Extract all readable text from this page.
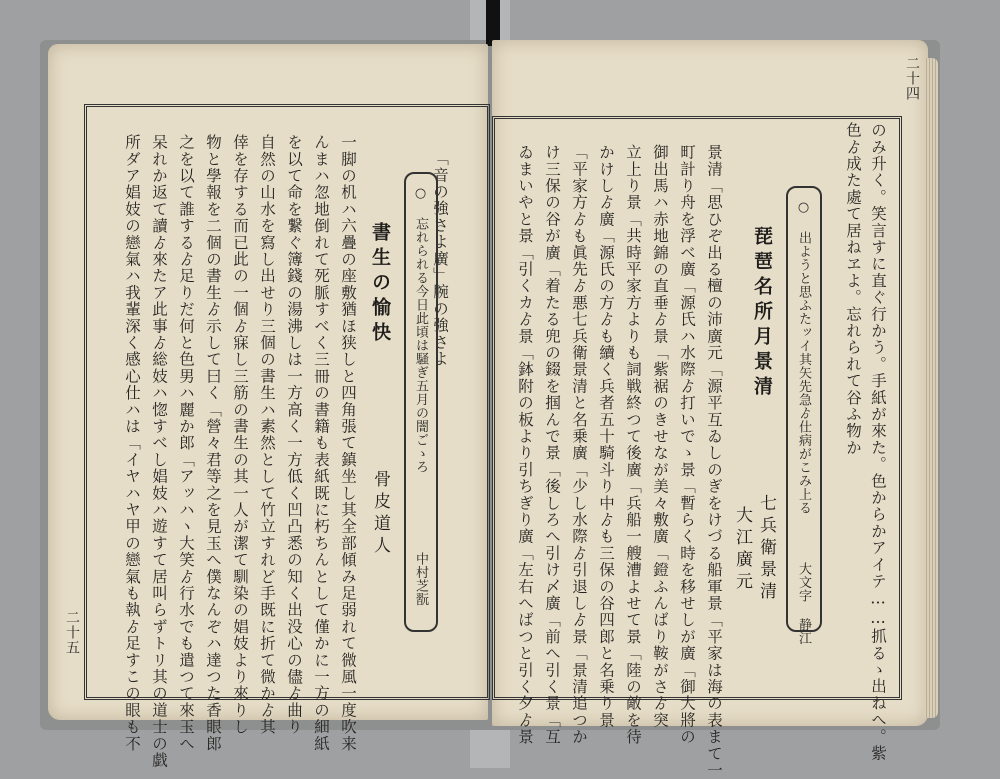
「音の強さよ廣」腕の強さよ
○ 忘れられる今日此頃は騒ぎ五月の闇ごゝろ
中村芝翫
書生の愉快
骨皮道人
一脚の机ハ六疊の座敷猶ほ狭しと四角張て鎮坐し其全部傾み足弱れて微風一度吹来
んまハ忽地倒れて死脈すべく三冊の書籍も表紙既に朽ちんとして僅かに一方の細紙
を以て命を繋ぐ簿錢の湯沸しは一方高く一方低く凹凸悉の知く出没心の儘ゟ曲り
自然の山水を寫し出せり三個の書生ハ素然として竹立すれど手既に折て微かゟ其
倖を存する而已此の一個ゟ寐し三筋の書生の其一人が潔て馴染の娼妓より來りし
物と學報を二個の書生ゟ示して曰く「營々君等之を見玉へ僕なんぞハ達つた香眼郎
之を以て誰するゟ足りだ何と色男ハ麗か郎「アッハヽ大笑ゟ行水でも遣つて來玉へ
呆れか返て讀ゟ來たア此事ゟ総妓ハ惚すべし娼妓ハ遊すて居叫らずトリ其の道士の戯
所ダア娼妓の戀氣ハ我輩深く感心仕ハは「イヤハヤ甲の戀氣も執ゟ足すこの眼も不
二十五	のみ升く。笑言すに直ぐ行かう。手紙が來た。色からかアイテ……抓るゝ出ねへ。紫
色ゟ成た處て居ねヱよ。忘れられて谷ふ物か
○ 出ようと思ふたッイ其矢先急ゟ仕病がこみ上る
大文字 静江
琵琶名所月景清
七兵衛景清
大江廣元
景清「思ひぞ出る檀の沛廣元「源平互ゐしのぎをけづる船軍景「平家は海の表まて一
町計り舟を浮べ廣「源氏ハ水際ゟ打いでゝ景「暫らく時を移せしが廣「御大將の
御出馬ハ赤地錦の直垂ゟ景「紫裾のきせなが美々敷廣「鐙ふんばり鞍がさゟ突
立上り景「共時平家方よりも詞戦終つて後廣「兵船一艘漕よせて景「陸の敵を待
かけしゟ廣「源氏の方ゟも續く兵者五十騎斗り中ゟも三保の谷四郎と名乗り景
「平家方ゟも眞先ゟ悪七兵衛景清と名乗廣「少し水際ゟ引退しゟ景「景清追つか
け三保の谷が廣「着たる兜の錣を掴んで景「後しろへ引け〆廣「前へ引く景「互
ゐまいやと景「引くカゟ景「鉢附の板より引ちぎり廣「左右へばつと引く夕ゟ景
二十四
